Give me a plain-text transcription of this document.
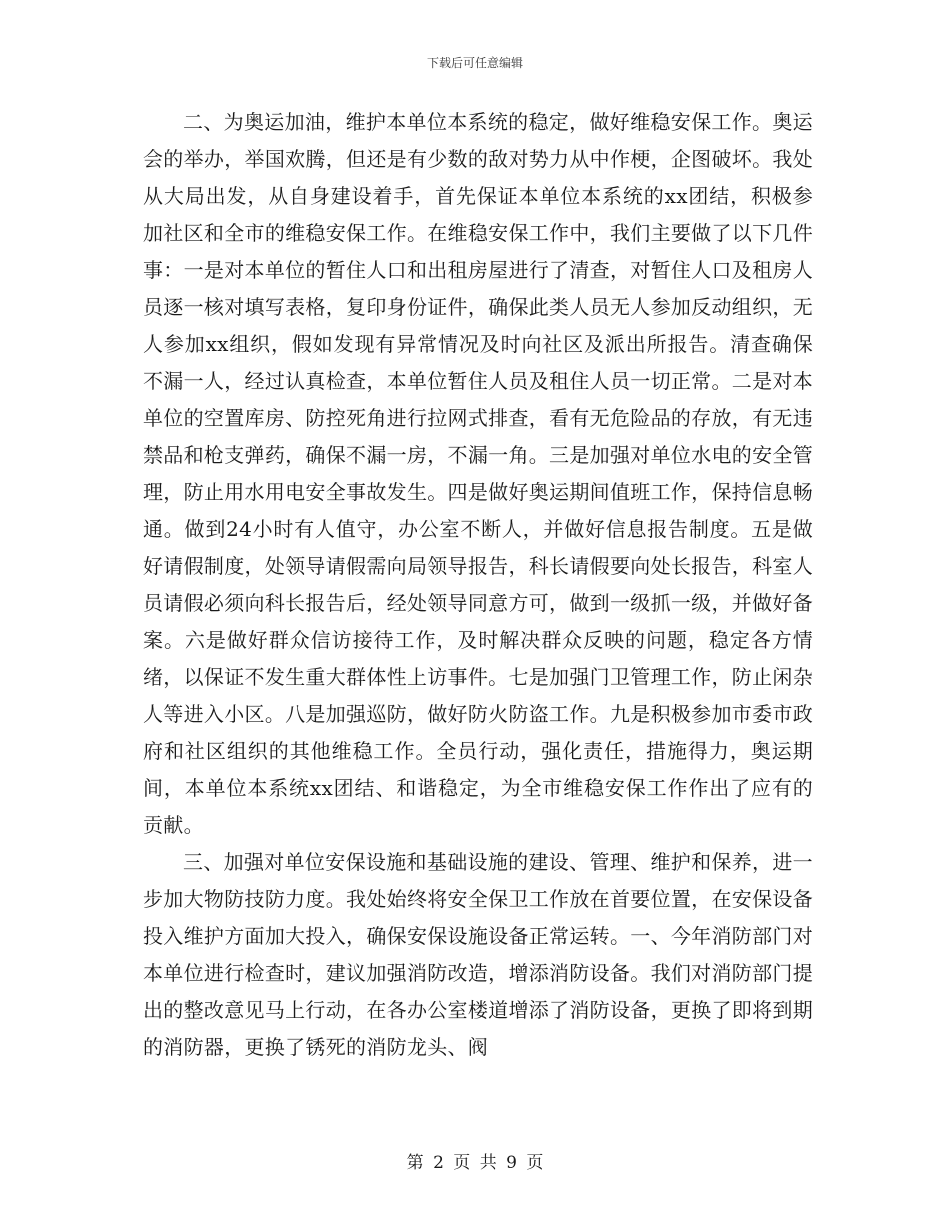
下载后可任意编辑

二、为奥运加油，维护本单位本系统的稳定，做好维稳安保工作。奥运会的举办，举国欢腾，但还是有少数的敌对势力从中作梗，企图破坏。我处从大局出发，从自身建设着手，首先保证本单位本系统的xx团结，积极参加社区和全市的维稳安保工作。在维稳安保工作中，我们主要做了以下几件事：一是对本单位的暂住人口和出租房屋进行了清查，对暂住人口及租房人员逐一核对填写表格，复印身份证件，确保此类人员无人参加反动组织，无人参加xx组织，假如发现有异常情况及时向社区及派出所报告。清查确保不漏一人，经过认真检查，本单位暂住人员及租住人员一切正常。二是对本单位的空置库房、防控死角进行拉网式排查，看有无危险品的存放，有无违禁品和枪支弹药，确保不漏一房，不漏一角。三是加强对单位水电的安全管理，防止用水用电安全事故发生。四是做好奥运期间值班工作，保持信息畅通。做到24小时有人值守，办公室不断人，并做好信息报告制度。五是做好请假制度，处领导请假需向局领导报告，科长请假要向处长报告，科室人员请假必须向科长报告后，经处领导同意方可，做到一级抓一级，并做好备案。六是做好群众信访接待工作，及时解决群众反映的问题，稳定各方情绪，以保证不发生重大群体性上访事件。七是加强门卫管理工作，防止闲杂人等进入小区。八是加强巡防，做好防火防盗工作。九是积极参加市委市政府和社区组织的其他维稳工作。全员行动，强化责任，措施得力，奥运期间，本单位本系统xx团结、和谐稳定，为全市维稳安保工作作出了应有的贡献。

三、加强对单位安保设施和基础设施的建设、管理、维护和保养，进一步加大物防技防力度。我处始终将安全保卫工作放在首要位置，在安保设备投入维护方面加大投入，确保安保设施设备正常运转。一、今年消防部门对本单位进行检查时，建议加强消防改造，增添消防设备。我们对消防部门提出的整改意见马上行动，在各办公室楼道增添了消防设备，更换了即将到期的消防器，更换了锈死的消防龙头、阀

第 2 页 共 9 页
